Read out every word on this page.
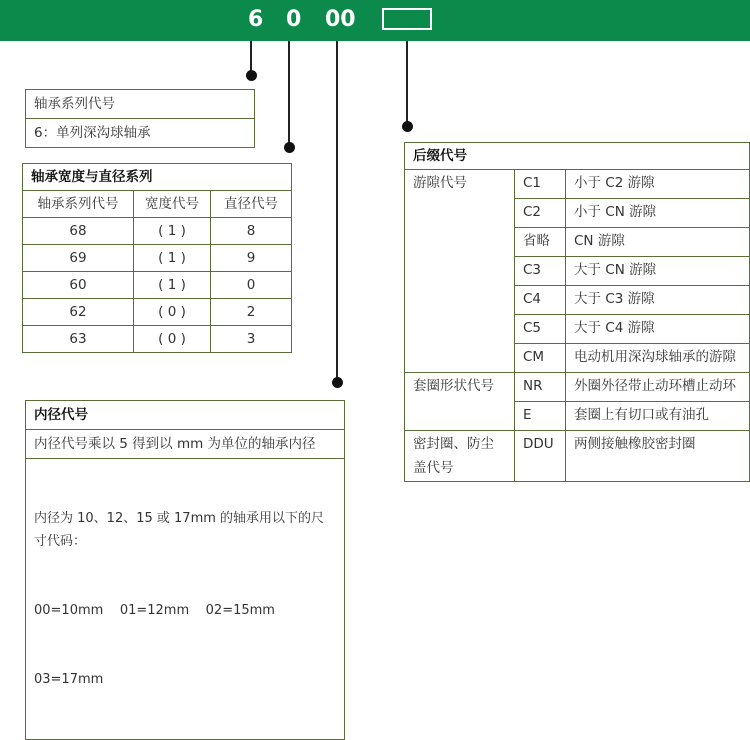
6 0 00
轴承系列代号
6：单列深沟球轴承
轴承宽度与直径系列		
轴承系列代号	宽度代号	直径代号
68	( 1 )	8
69	( 1 )	9
60	( 1 )	0
62	( 0 )	2
63	( 0 )	3
内径代号
内径代号乘以 5 得到以 mm 为单位的轴承内径

内径为 10、12、15 或 17mm 的轴承用以下的尺寸代码：

00=10mm    01=12mm    02=15mm

03=17mm

后缀代号		
游隙代号	C1	小于 C2 游隙
	C2	小于 CN 游隙
	省略	CN 游隙
	C3	大于 CN 游隙
	C4	大于 C3 游隙
	C5	大于 C4 游隙
	CM	电动机用深沟球轴承的游隙
套圈形状代号	NR	外圈外径带止动环槽止动环
	E	套圈上有切口或有油孔
密封圈、防尘盖代号	DDU	两侧接触橡胶密封圈
